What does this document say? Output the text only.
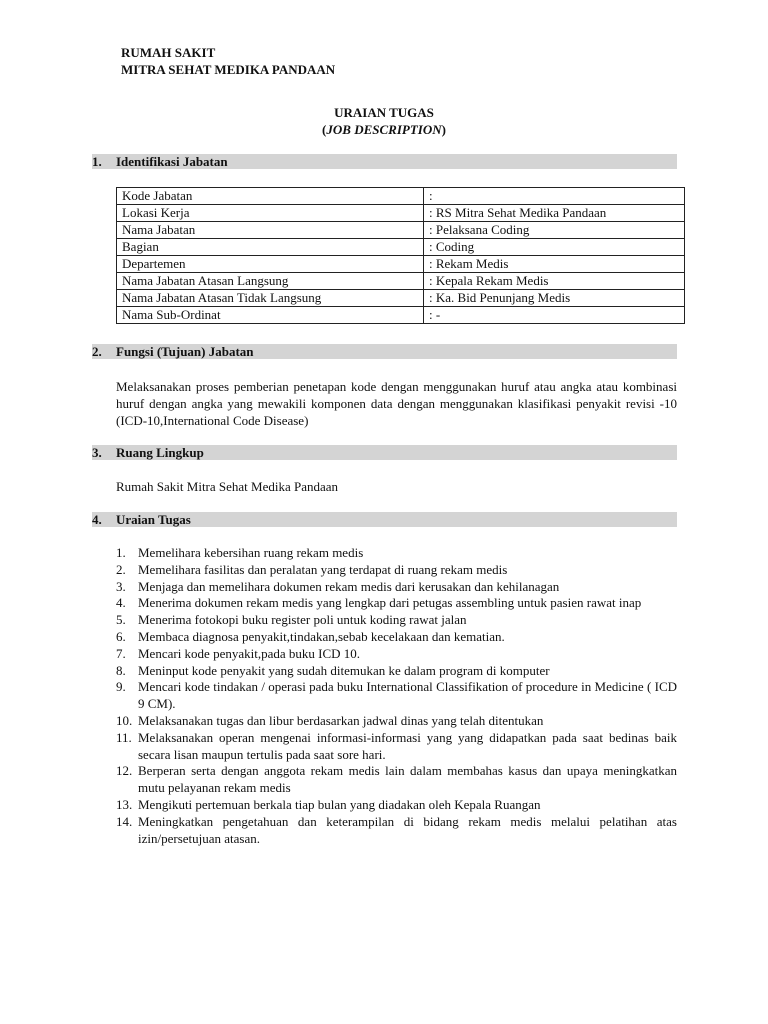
RUMAH SAKIT
MITRA SEHAT MEDIKA PANDAAN
URAIAN TUGAS
(JOB DESCRIPTION)
1. Identifikasi Jabatan
Kode Jabatan	:
Lokasi Kerja	: RS Mitra Sehat Medika Pandaan
Nama Jabatan	: Pelaksana Coding
Bagian	: Coding
Departemen	: Rekam Medis
Nama Jabatan Atasan Langsung	: Kepala Rekam Medis
Nama Jabatan Atasan Tidak Langsung	: Ka. Bid Penunjang Medis
Nama Sub-Ordinat	: -
2. Fungsi (Tujuan) Jabatan
Melaksanakan proses pemberian penetapan kode dengan menggunakan huruf atau angka atau kombinasi huruf dengan angka yang mewakili komponen data dengan menggunakan klasifikasi penyakit revisi -10 (ICD-10,International Code Disease)
3. Ruang Lingkup
Rumah Sakit Mitra Sehat Medika Pandaan
4. Uraian Tugas
1. Memelihara kebersihan ruang rekam medis
2. Memelihara fasilitas dan peralatan yang terdapat di ruang rekam medis
3. Menjaga dan memelihara dokumen rekam medis dari kerusakan dan kehilanagan
4. Menerima dokumen rekam medis yang lengkap dari petugas assembling untuk pasien rawat inap
5. Menerima fotokopi buku register poli untuk koding rawat jalan
6. Membaca diagnosa penyakit,tindakan,sebab kecelakaan dan kematian.
7. Mencari kode penyakit,pada buku ICD 10.
8. Meninput kode penyakit yang sudah ditemukan ke dalam program di komputer
9. Mencari kode tindakan / operasi pada buku International Classifikation of procedure in Medicine ( ICD 9 CM).
10. Melaksanakan tugas dan libur berdasarkan jadwal dinas yang telah ditentukan
11. Melaksanakan operan mengenai informasi-informasi yang yang didapatkan pada saat bedinas baik secara lisan maupun tertulis pada saat sore hari.
12. Berperan serta dengan anggota rekam medis lain dalam membahas kasus dan upaya meningkatkan mutu pelayanan rekam medis
13. Mengikuti pertemuan berkala tiap bulan yang diadakan oleh Kepala Ruangan
14. Meningkatkan pengetahuan dan keterampilan di bidang rekam medis melalui pelatihan atas izin/persetujuan atasan.
